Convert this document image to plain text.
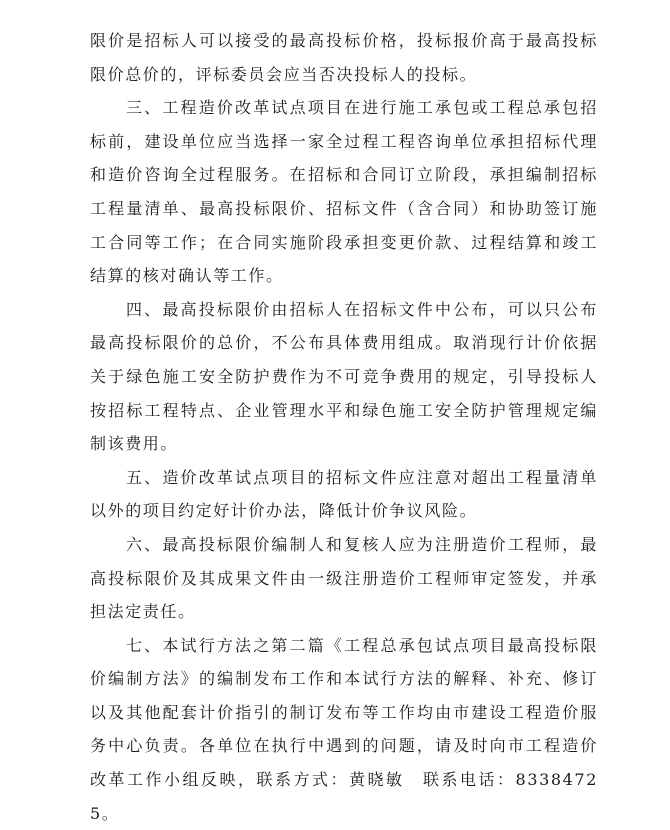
限价是招标人可以接受的最高投标价格，投标报价高于最高投标限价总价的，评标委员会应当否决投标人的投标。

三、工程造价改革试点项目在进行施工承包或工程总承包招标前，建设单位应当选择一家全过程工程咨询单位承担招标代理和造价咨询全过程服务。在招标和合同订立阶段，承担编制招标工程量清单、最高投标限价、招标文件（含合同）和协助签订施工合同等工作；在合同实施阶段承担变更价款、过程结算和竣工结算的核对确认等工作。

四、最高投标限价由招标人在招标文件中公布，可以只公布最高投标限价的总价，不公布具体费用组成。取消现行计价依据关于绿色施工安全防护费作为不可竞争费用的规定，引导投标人按招标工程特点、企业管理水平和绿色施工安全防护管理规定编制该费用。

五、造价改革试点项目的招标文件应注意对超出工程量清单以外的项目约定好计价办法，降低计价争议风险。

六、最高投标限价编制人和复核人应为注册造价工程师，最高投标限价及其成果文件由一级注册造价工程师审定签发，并承担法定责任。

七、本试行方法之第二篇《工程总承包试点项目最高投标限价编制方法》的编制发布工作和本试行方法的解释、补充、修订以及其他配套计价指引的制订发布等工作均由市建设工程造价服务中心负责。各单位在执行中遇到的问题，请及时向市工程造价改革工作小组反映，联系方式：黄晓敏　联系电话：83384725。
